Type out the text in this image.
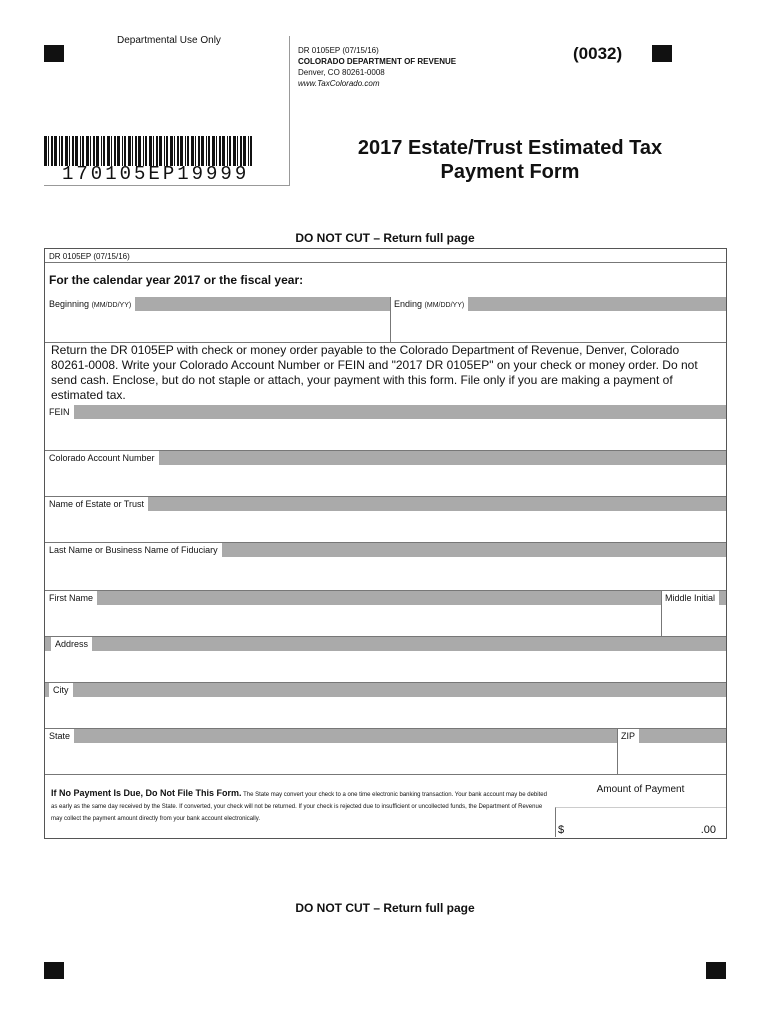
Departmental Use Only
DR 0105EP (07/15/16)
COLORADO DEPARTMENT OF REVENUE
Denver, CO 80261-0008
www.TaxColorado.com
(0032)
170105EP19999
2017 Estate/Trust Estimated Tax
Payment Form
DO NOT CUT – Return full page
DR 0105EP (07/15/16)
For the calendar year 2017 or the fiscal year:
Beginning (MM/DD/YY)	Ending (MM/DD/YY)
Return the DR 0105EP with check or money order payable to the Colorado Department of Revenue, Denver, Colorado 80261-0008. Write your Colorado Account Number or FEIN and "2017 DR 0105EP" on your check or money order. Do not send cash. Enclose, but do not staple or attach, your payment with this form. File only if you are making a payment of estimated tax.
FEIN
Colorado Account Number
Name of Estate or Trust
Last Name or Business Name of Fiduciary
First Name	Middle Initial
Address
City
State	ZIP
If No Payment Is Due, Do Not File This Form. The State may convert your check to a one time electronic banking transaction. Your bank account may be debited as early as the same day received by the State. If converted, your check will not be returned. If your check is rejected due to insufficient or uncollected funds, the Department of Revenue may collect the payment amount directly from your bank account electronically.
Amount of Payment
$	.00
DO NOT CUT – Return full page
